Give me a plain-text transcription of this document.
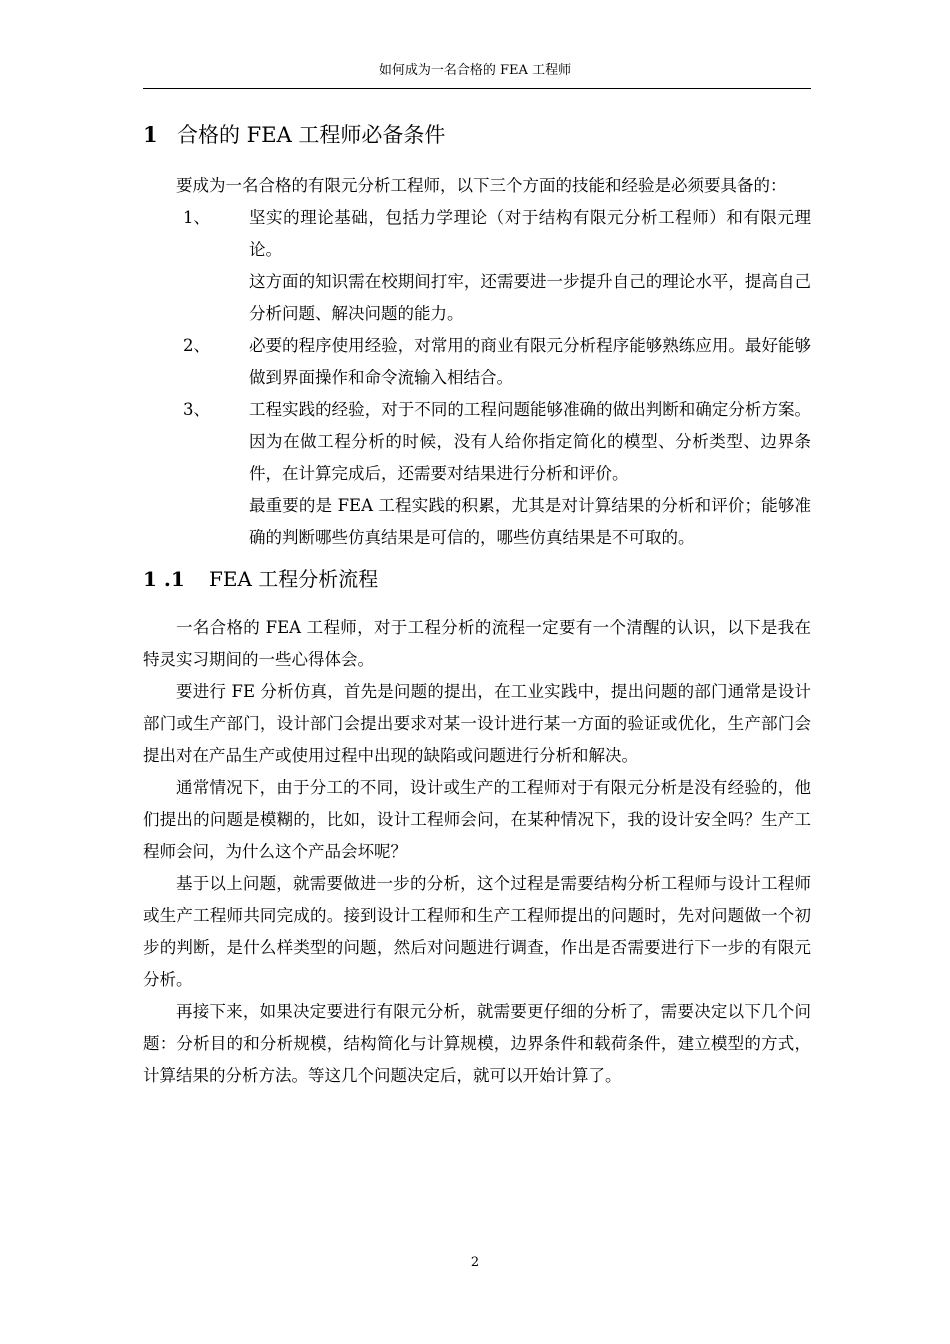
如何成为一名合格的 FEA 工程师
1 合格的 FEA 工程师必备条件

要成为一名合格的有限元分析工程师，以下三个方面的技能和经验是必须要具备的：

1、 坚实的理论基础，包括力学理论（对于结构有限元分析工程师）和有限元理论。

这方面的知识需在校期间打牢，还需要进一步提升自己的理论水平，提高自己分析问题、解决问题的能力。

2、 必要的程序使用经验，对常用的商业有限元分析程序能够熟练应用。最好能够做到界面操作和命令流输入相结合。

3、 工程实践的经验，对于不同的工程问题能够准确的做出判断和确定分析方案。因为在做工程分析的时候，没有人给你指定简化的模型、分析类型、边界条件，在计算完成后，还需要对结果进行分析和评价。

最重要的是 FEA 工程实践的积累，尤其是对计算结果的分析和评价；能够准确的判断哪些仿真结果是可信的，哪些仿真结果是不可取的。

1 .1 FEA 工程分析流程

一名合格的 FEA 工程师，对于工程分析的流程一定要有一个清醒的认识，以下是我在特灵实习期间的一些心得体会。

要进行 FE 分析仿真，首先是问题的提出，在工业实践中，提出问题的部门通常是设计部门或生产部门，设计部门会提出要求对某一设计进行某一方面的验证或优化，生产部门会提出对在产品生产或使用过程中出现的缺陷或问题进行分析和解决。

通常情况下，由于分工的不同，设计或生产的工程师对于有限元分析是没有经验的，他们提出的问题是模糊的，比如，设计工程师会问，在某种情况下，我的设计安全吗？生产工程师会问，为什么这个产品会坏呢？

基于以上问题，就需要做进一步的分析，这个过程是需要结构分析工程师与设计工程师或生产工程师共同完成的。接到设计工程师和生产工程师提出的问题时，先对问题做一个初步的判断，是什么样类型的问题，然后对问题进行调查，作出是否需要进行下一步的有限元分析。

再接下来，如果决定要进行有限元分析，就需要更仔细的分析了，需要决定以下几个问题：分析目的和分析规模，结构简化与计算规模，边界条件和载荷条件，建立模型的方式，计算结果的分析方法。等这几个问题决定后，就可以开始计算了。

2
